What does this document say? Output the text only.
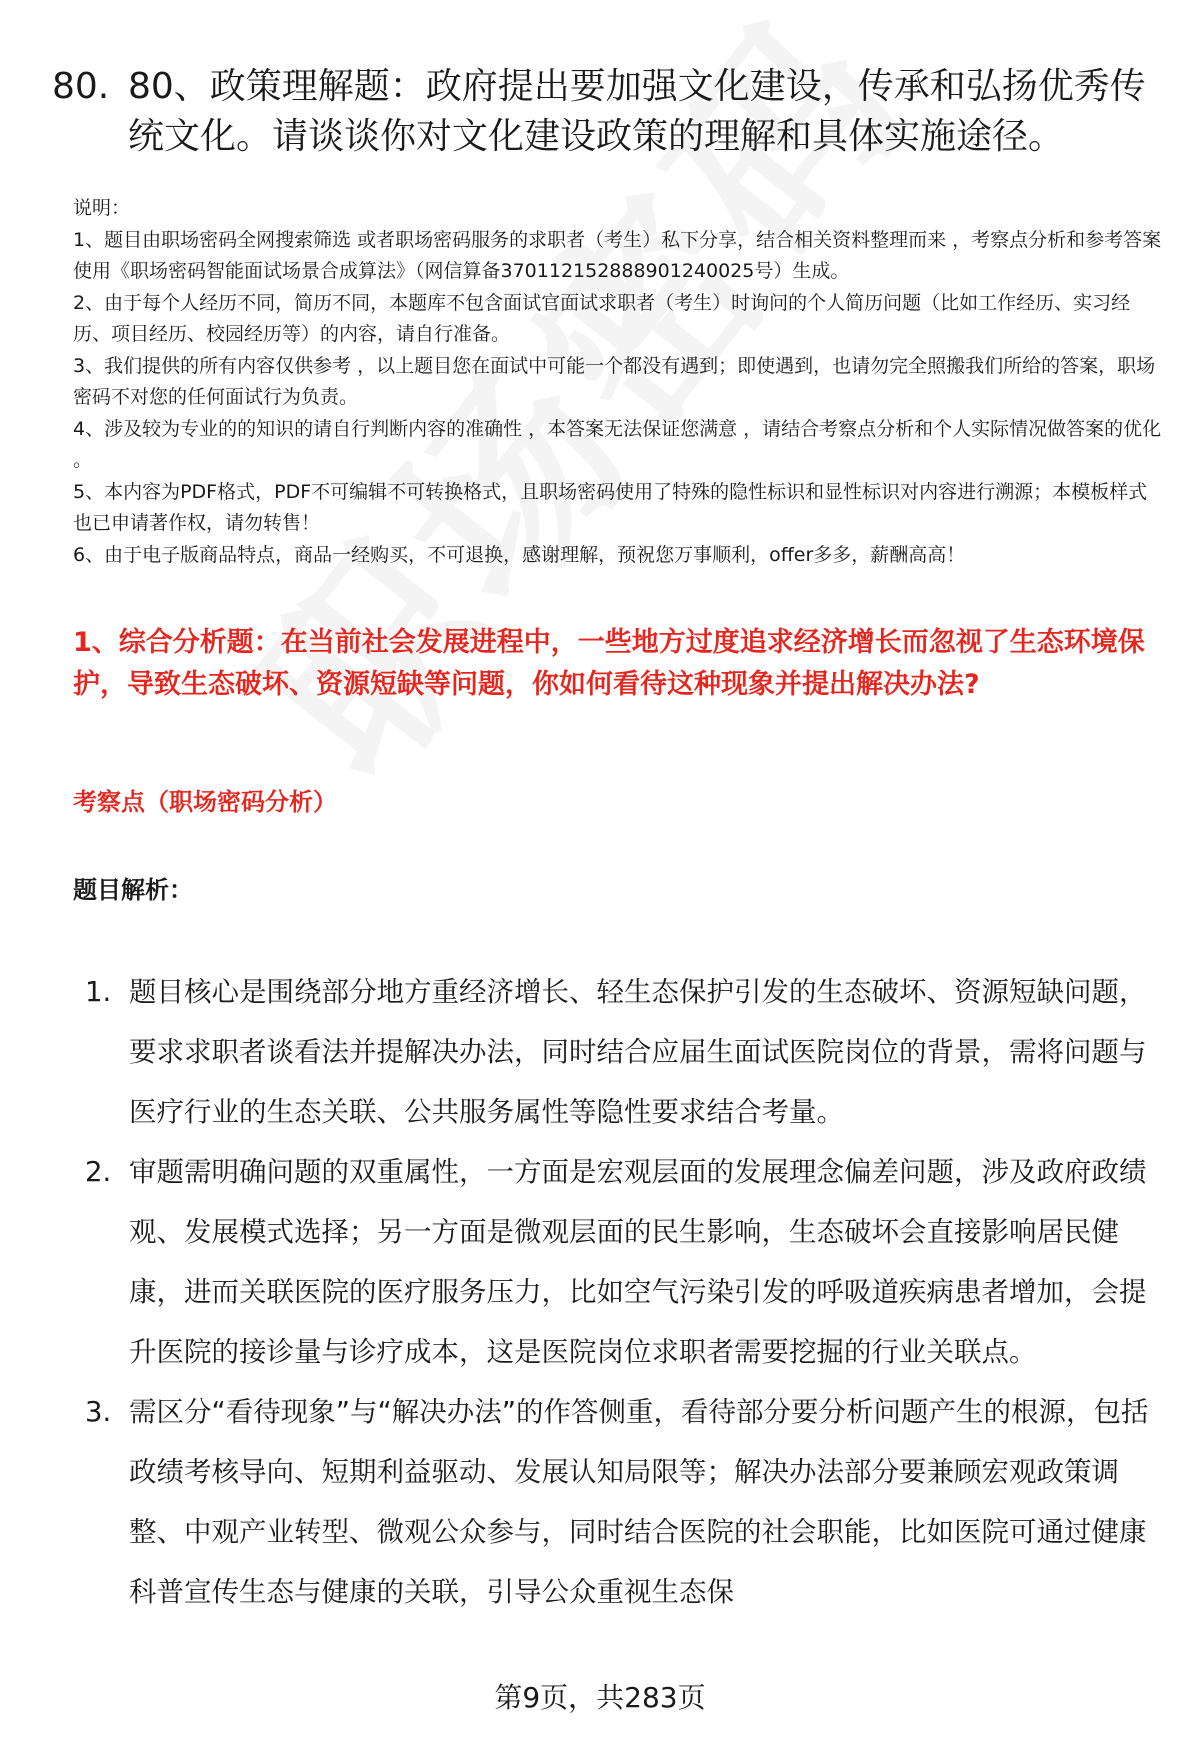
80. 80、政策理解题：政府提出要加强文化建设，传承和弘扬优秀传统文化。请谈谈你对文化建设政策的理解和具体实施途径。

说明：

1、题目由职场密码全网搜索筛选 或者职场密码服务的求职者（考生）私下分享，结合相关资料整理而来 ，考察点分析和参考答案使用《职场密码智能面试场景合成算法》（网信算备370112152888901240025号）生成。

2、由于每个人经历不同，简历不同，本题库不包含面试官面试求职者（考生）时询问的个人简历问题（比如工作经历、实习经历、项目经历、校园经历等）的内容，请自行准备。

3、我们提供的所有内容仅供参考 ，以上题目您在面试中可能一个都没有遇到；即使遇到，也请勿完全照搬我们所给的答案，职场密码不对您的任何面试行为负责。

4、涉及较为专业的的知识的请自行判断内容的准确性 ，本答案无法保证您满意 ，请结合考察点分析和个人实际情况做答案的优化 。

5、本内容为PDF格式，PDF不可编辑不可转换格式，且职场密码使用了特殊的隐性标识和显性标识对内容进行溯源；本模板样式也已申请著作权，请勿转售！

6、由于电子版商品特点，商品一经购买，不可退换，感谢理解，预祝您万事顺利，offer多多，薪酬高高！

1、综合分析题：在当前社会发展进程中，一些地方过度追求经济增长而忽视了生态环境保护，导致生态破坏、资源短缺等问题，你如何看待这种现象并提出解决办法?
考察点（职场密码分析）
题目解析：
1. 题目核心是围绕部分地方重经济增长、轻生态保护引发的生态破坏、资源短缺问题，要求求职者谈看法并提解决办法，同时结合应届生面试医院岗位的背景，需将问题与医疗行业的生态关联、公共服务属性等隐性要求结合考量。
2. 审题需明确问题的双重属性，一方面是宏观层面的发展理念偏差问题，涉及政府政绩观、发展模式选择；另一方面是微观层面的民生影响，生态破坏会直接影响居民健康，进而关联医院的医疗服务压力，比如空气污染引发的呼吸道疾病患者增加，会提升医院的接诊量与诊疗成本，这是医院岗位求职者需要挖掘的行业关联点。
3. 需区分“看待现象”与“解决办法”的作答侧重，看待部分要分析问题产生的根源，包括政绩考核导向、短期利益驱动、发展认知局限等；解决办法部分要兼顾宏观政策调整、中观产业转型、微观公众参与，同时结合医院的社会职能，比如医院可通过健康科普宣传生态与健康的关联，引导公众重视生态保
第9页，共283页
